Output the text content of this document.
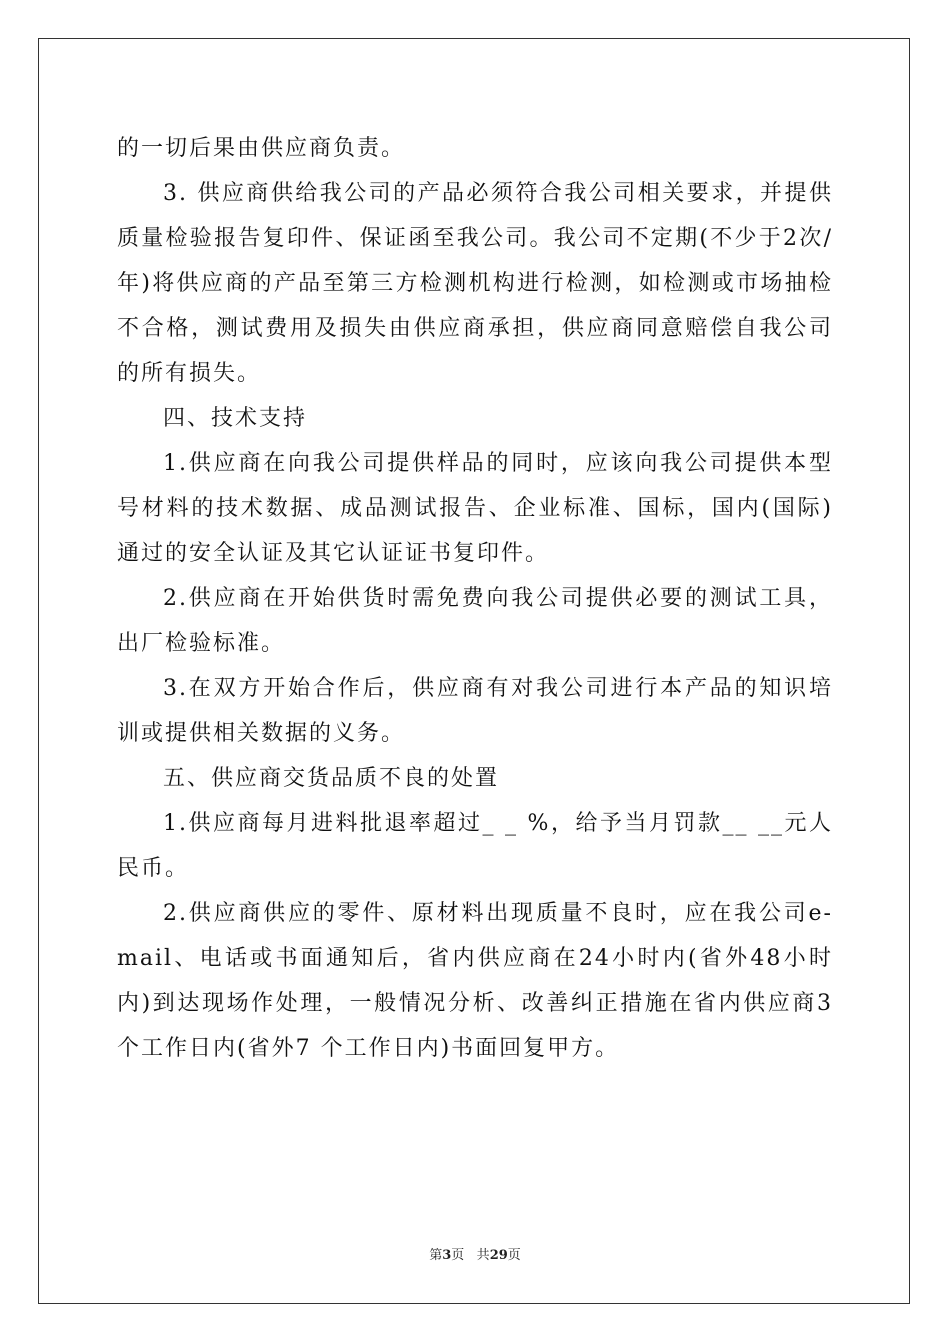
的一切后果由供应商负责。

3. 供应商供给我公司的产品必须符合我公司相关要求，并提供质量检验报告复印件、保证函至我公司。我公司不定期(不少于2次/年)将供应商的产品至第三方检测机构进行检测，如检测或市场抽检不合格，测试费用及损失由供应商承担，供应商同意赔偿自我公司的所有损失。

四、技术支持

1.供应商在向我公司提供样品的同时，应该向我公司提供本型号材料的技术数据、成品测试报告、企业标准、国标，国内(国际)通过的安全认证及其它认证证书复印件。

2.供应商在开始供货时需免费向我公司提供必要的测试工具，出厂检验标准。

3.在双方开始合作后，供应商有对我公司进行本产品的知识培训或提供相关数据的义务。

五、供应商交货品质不良的处置

1.供应商每月进料批退率超过_ _ %，给予当月罚款__ __元人民币。

2.供应商供应的零件、原材料出现质量不良时，应在我公司e-mail、电话或书面通知后，省内供应商在24小时内(省外48小时内)到达现场作处理，一般情况分析、改善纠正措施在省内供应商3个工作日内(省外7 个工作日内)书面回复甲方。

第3页 共29页
